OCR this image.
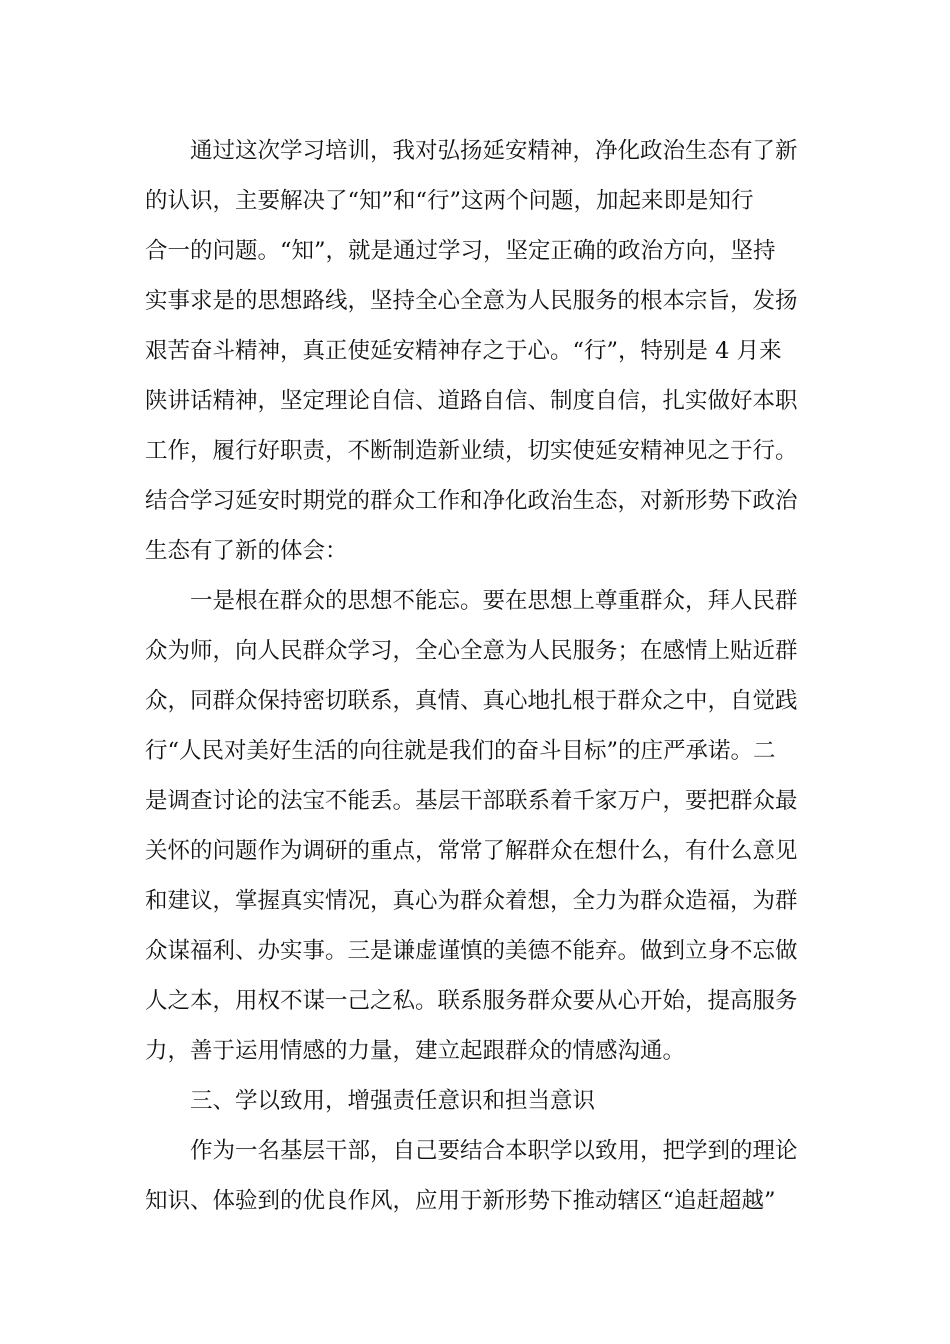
通过这次学习培训，我对弘扬延安精神，净化政治生态有了新
的认识，主要解决了“知”和“行”这两个问题，加起来即是知行
合一的问题。“知”，就是通过学习，坚定正确的政治方向，坚持
实事求是的思想路线，坚持全心全意为人民服务的根本宗旨，发扬
艰苦奋斗精神，真正使延安精神存之于心。“行”，特别是 4 月来
陕讲话精神，坚定理论自信、道路自信、制度自信，扎实做好本职
工作，履行好职责，不断制造新业绩，切实使延安精神见之于行。
结合学习延安时期党的群众工作和净化政治生态，对新形势下政治
生态有了新的体会：
一是根在群众的思想不能忘。要在思想上尊重群众，拜人民群
众为师，向人民群众学习，全心全意为人民服务；在感情上贴近群
众，同群众保持密切联系，真情、真心地扎根于群众之中，自觉践
行“人民对美好生活的向往就是我们的奋斗目标”的庄严承诺。二
是调查讨论的法宝不能丢。基层干部联系着千家万户，要把群众最
关怀的问题作为调研的重点，常常了解群众在想什么，有什么意见
和建议，掌握真实情况，真心为群众着想，全力为群众造福，为群
众谋福利、办实事。三是谦虚谨慎的美德不能弃。做到立身不忘做
人之本，用权不谋一己之私。联系服务群众要从心开始，提高服务
力，善于运用情感的力量，建立起跟群众的情感沟通。
三、学以致用，增强责任意识和担当意识
作为一名基层干部，自己要结合本职学以致用，把学到的理论
知识、体验到的优良作风，应用于新形势下推动辖区“追赶超越”
